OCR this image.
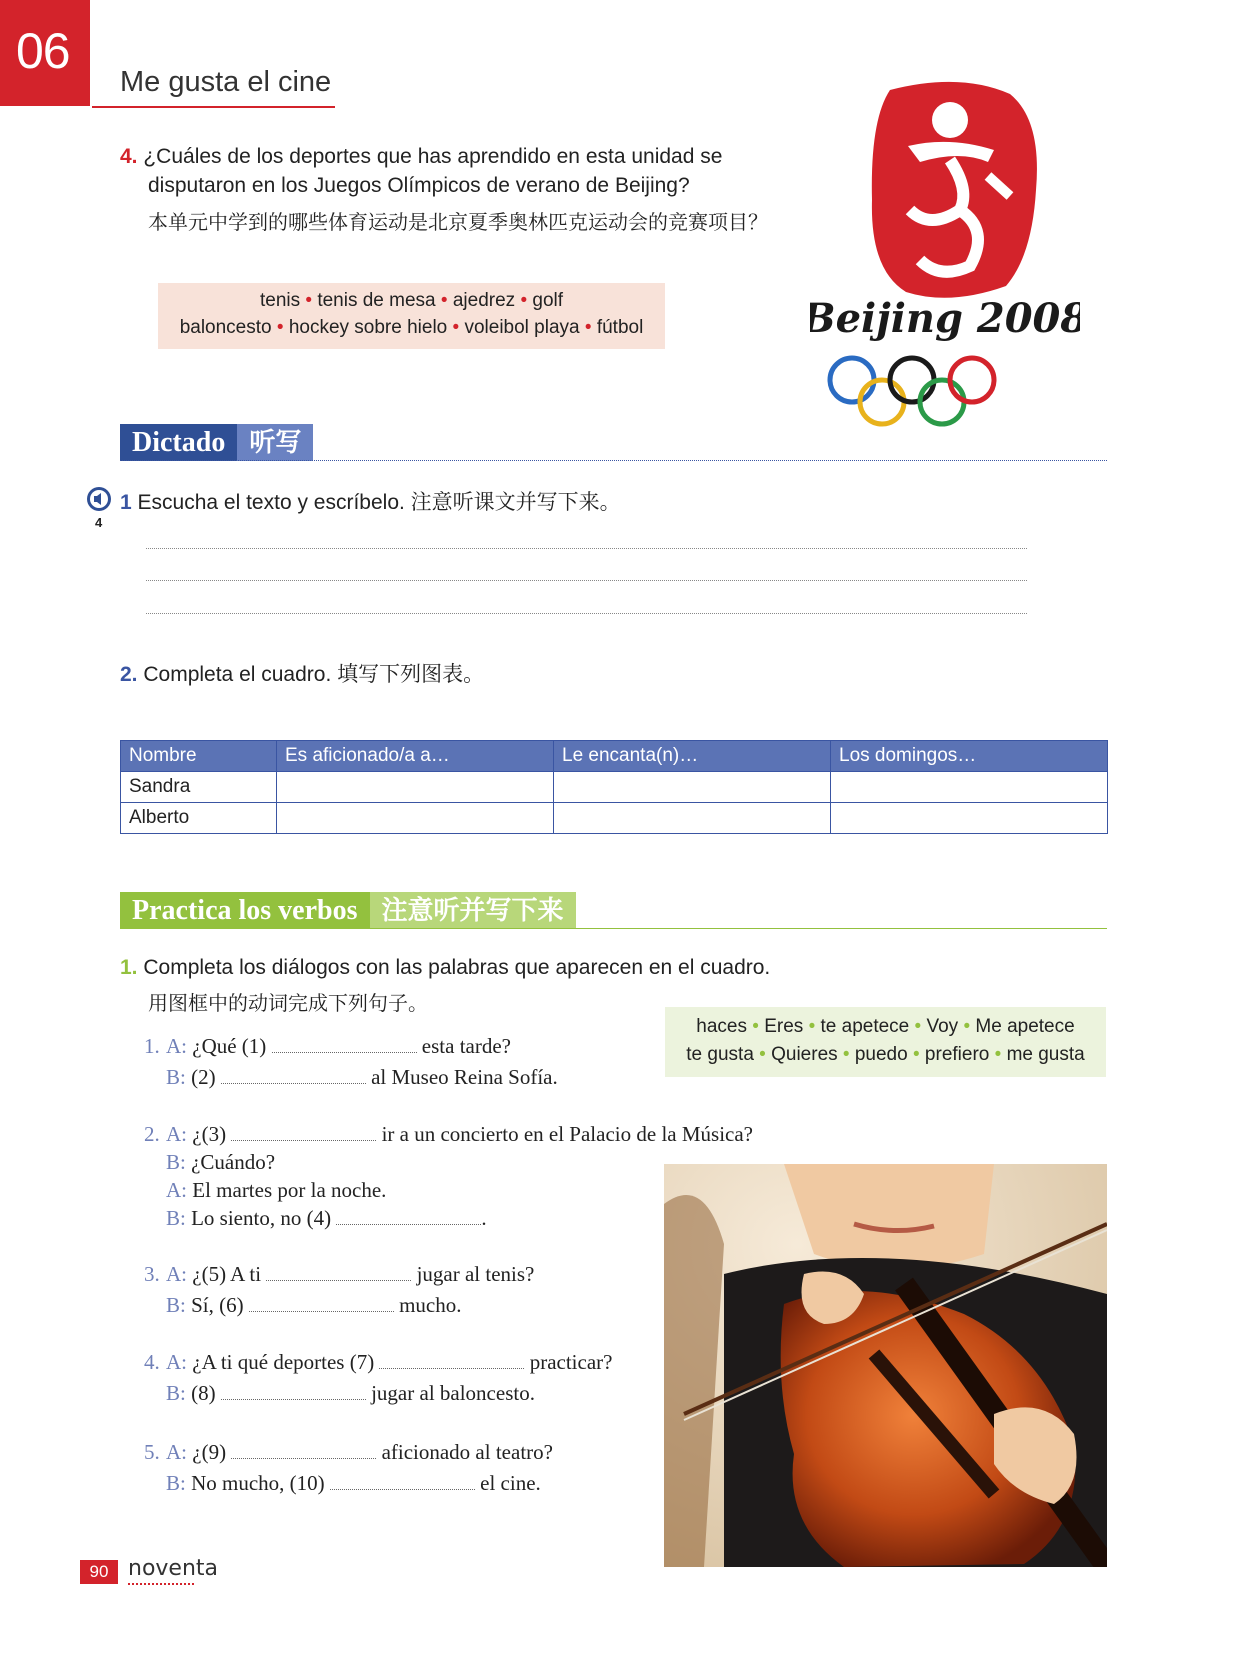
06
Me gusta el cine
4. ¿Cuáles de los deportes que has aprendido en esta unidad se
disputaron en los Juegos Olímpicos de verano de Beijing?
本单元中学到的哪些体育运动是北京夏季奥林匹克运动会的竞赛项目？
tenis • tenis de mesa • ajedrez • golf
baloncesto • hockey sobre hielo • voleibol playa • fútbol	Beijing 2008
Dictado 听写
4
1 Escucha el texto y escríbelo. 注意听课文并写下来。
2. Completa el cuadro. 填写下列图表。
Nombre	Es aficionado/a a…	Le encanta(n)…	Los domingos…
Sandra			
Alberto			
Practica los verbos 注意听并写下来
1. Completa los diálogos con las palabras que aparecen en el cuadro.
用图框中的动词完成下列句子。
haces • Eres • te apetece • Voy • Me apetece
te gusta • Quieres • puedo • prefiero • me gusta
1. A: ¿Qué (1)	esta tarde?
B: (2)	al Museo Reina Sofía.
2. A: ¿(3)	ir a un concierto en el Palacio de la Música?
B: ¿Cuándo?
A: El martes por la noche.
B: Lo siento, no (4)	.
3. A: ¿(5) A ti	jugar al tenis?
B: Sí, (6)	mucho.
4. A: ¿A ti qué deportes (7)	practicar?
B: (8)	jugar al baloncesto.
5. A: ¿(9)	aficionado al teatro?
B: No mucho, (10)	el cine.
90 noventa
